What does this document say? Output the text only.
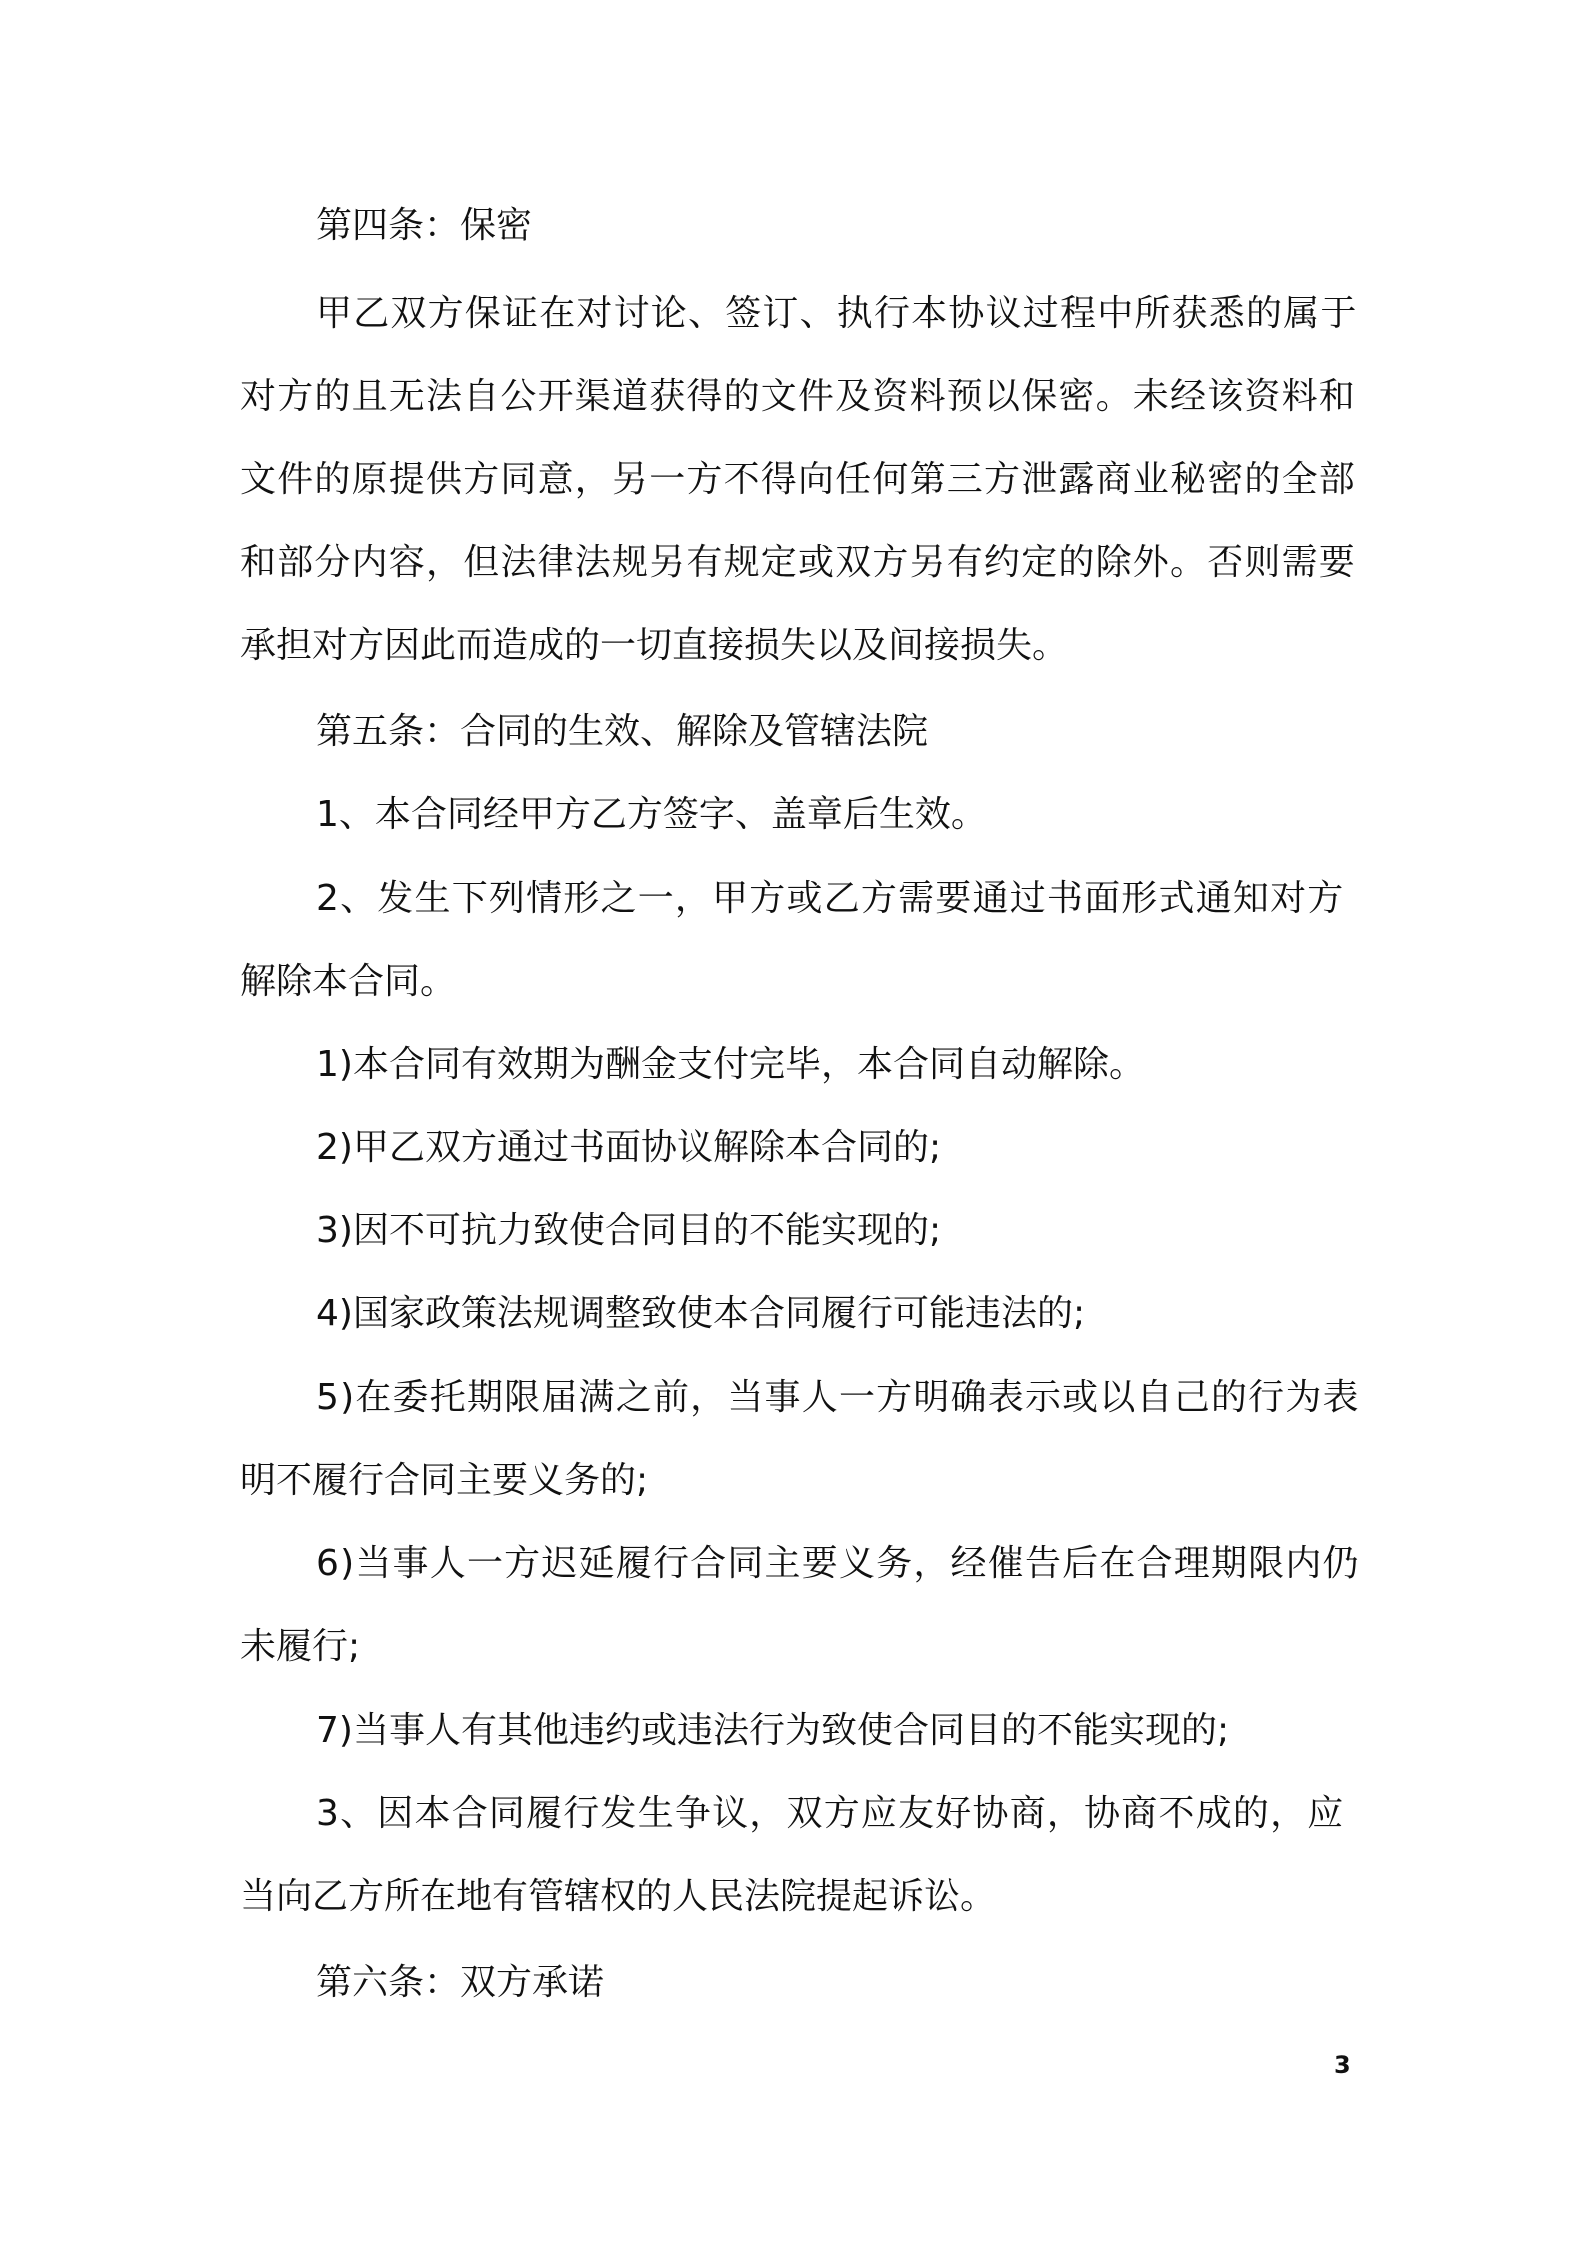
第四条：保密
甲乙双方保证在对讨论、签订、执行本协议过程中所获悉的属于
对方的且无法自公开渠道获得的文件及资料预以保密。未经该资料和
文件的原提供方同意，另一方不得向任何第三方泄露商业秘密的全部
和部分内容，但法律法规另有规定或双方另有约定的除外。否则需要
承担对方因此而造成的一切直接损失以及间接损失。
第五条：合同的生效、解除及管辖法院
1、本合同经甲方乙方签字、盖章后生效。
2、发生下列情形之一，甲方或乙方需要通过书面形式通知对方
解除本合同。
1)本合同有效期为酬金支付完毕，本合同自动解除。
2)甲乙双方通过书面协议解除本合同的;
3)因不可抗力致使合同目的不能实现的;
4)国家政策法规调整致使本合同履行可能违法的;
5)在委托期限届满之前，当事人一方明确表示或以自己的行为表
明不履行合同主要义务的;
6)当事人一方迟延履行合同主要义务，经催告后在合理期限内仍
未履行;
7)当事人有其他违约或违法行为致使合同目的不能实现的;
3、因本合同履行发生争议，双方应友好协商，协商不成的，应
当向乙方所在地有管辖权的人民法院提起诉讼。
第六条：双方承诺
3
